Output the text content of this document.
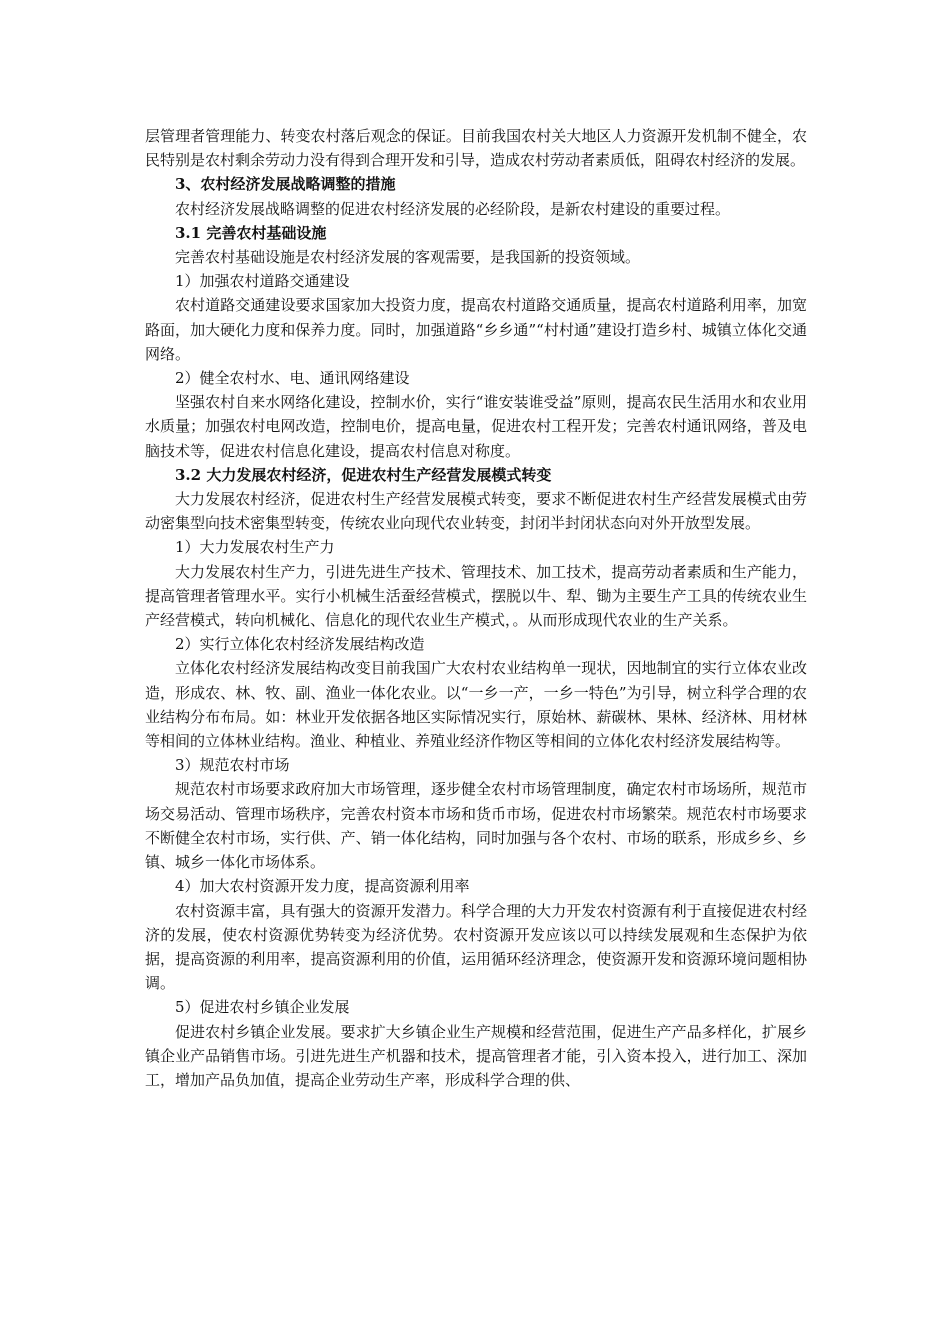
层管理者管理能力、转变农村落后观念的保证。目前我国农村关大地区人力资源开发机制不健全，农民特别是农村剩余劳动力没有得到合理开发和引导，造成农村劳动者素质低，阻碍农村经济的发展。

3、农村经济发展战略调整的措施

农村经济发展战略调整的促进农村经济发展的必经阶段，是新农村建设的重要过程。

3.1 完善农村基础设施

完善农村基础设施是农村经济发展的客观需要，是我国新的投资领域。

1）加强农村道路交通建设

农村道路交通建设要求国家加大投资力度，提高农村道路交通质量，提高农村道路利用率，加宽路面，加大硬化力度和保养力度。同时，加强道路“乡乡通”“村村通”建设打造乡村、城镇立体化交通网络。

2）健全农村水、电、通讯网络建设

坚强农村自来水网络化建设，控制水价，实行“谁安装谁受益”原则，提高农民生活用水和农业用水质量；加强农村电网改造，控制电价，提高电量，促进农村工程开发；完善农村通讯网络，普及电脑技术等，促进农村信息化建设，提高农村信息对称度。

3.2 大力发展农村经济，促进农村生产经营发展模式转变

大力发展农村经济，促进农村生产经营发展模式转变，要求不断促进农村生产经营发展模式由劳动密集型向技术密集型转变，传统农业向现代农业转变，封闭半封闭状态向对外开放型发展。

1）大力发展农村生产力

大力发展农村生产力，引进先进生产技术、管理技术、加工技术，提高劳动者素质和生产能力，提高管理者管理水平。实行小机械生活蚕经营模式，摆脱以牛、犁、锄为主要生产工具的传统农业生产经营模式，转向机械化、信息化的现代农业生产模式，。从而形成现代农业的生产关系。

2）实行立体化农村经济发展结构改造

立体化农村经济发展结构改变目前我国广大农村农业结构单一现状，因地制宜的实行立体农业改造，形成农、林、牧、副、渔业一体化农业。以“一乡一产，一乡一特色”为引导，树立科学合理的农业结构分布布局。如：林业开发依据各地区实际情况实行，原始林、薪碳林、果林、经济林、用材林等相间的立体林业结构。渔业、种植业、养殖业经济作物区等相间的立体化农村经济发展结构等。

3）规范农村市场

规范农村市场要求政府加大市场管理，逐步健全农村市场管理制度，确定农村市场场所，规范市场交易活动、管理市场秩序，完善农村资本市场和货币市场，促进农村市场繁荣。规范农村市场要求不断健全农村市场，实行供、产、销一体化结构，同时加强与各个农村、市场的联系，形成乡乡、乡镇、城乡一体化市场体系。

4）加大农村资源开发力度，提高资源利用率

农村资源丰富，具有强大的资源开发潜力。科学合理的大力开发农村资源有利于直接促进农村经济的发展，使农村资源优势转变为经济优势。农村资源开发应该以可以持续发展观和生态保护为依据，提高资源的利用率，提高资源利用的价值，运用循环经济理念，使资源开发和资源环境问题相协调。

5）促进农村乡镇企业发展

促进农村乡镇企业发展。要求扩大乡镇企业生产规模和经营范围，促进生产产品多样化，扩展乡镇企业产品销售市场。引进先进生产机器和技术，提高管理者才能，引入资本投入，进行加工、深加工，增加产品负加值，提高企业劳动生产率，形成科学合理的供、
